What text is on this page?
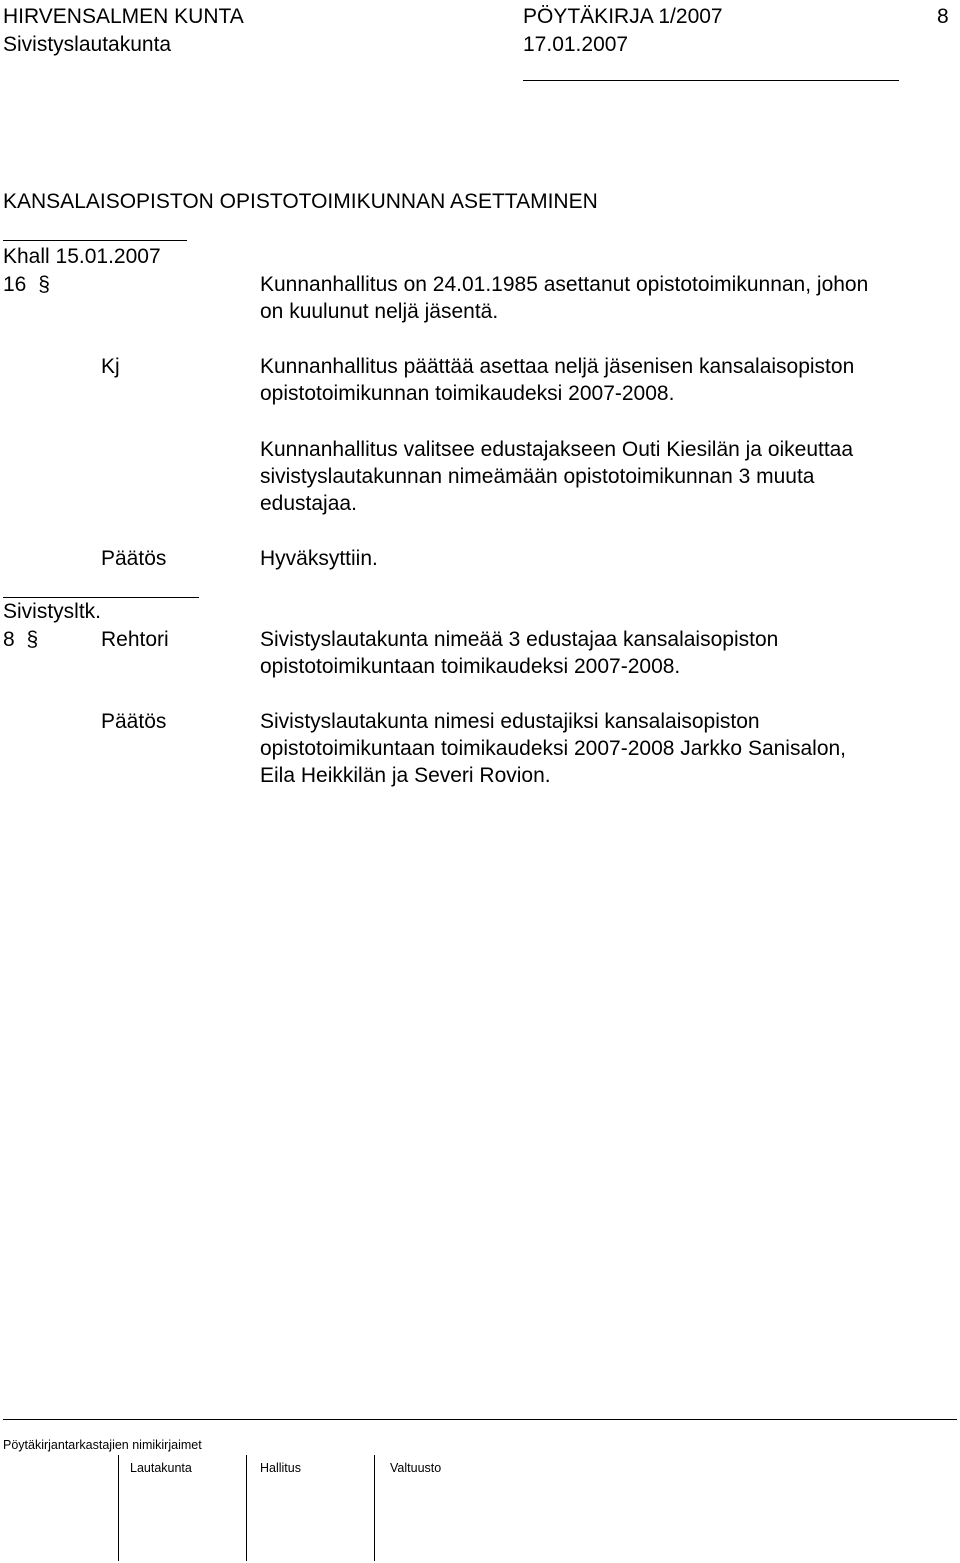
HIRVENSALMEN KUNTA	PÖYTÄKIRJA 1/2007	8
Sivistyslautakunta	17.01.2007
KANSALAISOPISTON OPISTOTOIMIKUNNAN ASETTAMINEN
Khall 15.01.2007
16 §	Kunnanhallitus on 24.01.1985 asettanut opistotoimikunnan, johon
on kuulunut neljä jäsentä.
Kj	Kunnanhallitus päättää asettaa neljä jäsenisen kansalaisopiston
opistotoimikunnan toimikaudeksi 2007-2008.
Kunnanhallitus valitsee edustajakseen Outi Kiesilän ja oikeuttaa
sivistyslautakunnan nimeämään opistotoimikunnan 3 muuta
edustajaa.
Päätös	Hyväksyttiin.
Sivistysltk.
8 §	Rehtori	Sivistyslautakunta nimeää 3 edustajaa kansalaisopiston
opistotoimikuntaan toimikaudeksi 2007-2008.
Päätös	Sivistyslautakunta nimesi edustajiksi kansalaisopiston
opistotoimikuntaan toimikaudeksi 2007-2008 Jarkko Sanisalon,
Eila Heikkilän ja Severi Rovion.
Pöytäkirjantarkastajien nimikirjaimet
Lautakunta	Hallitus	Valtuusto
